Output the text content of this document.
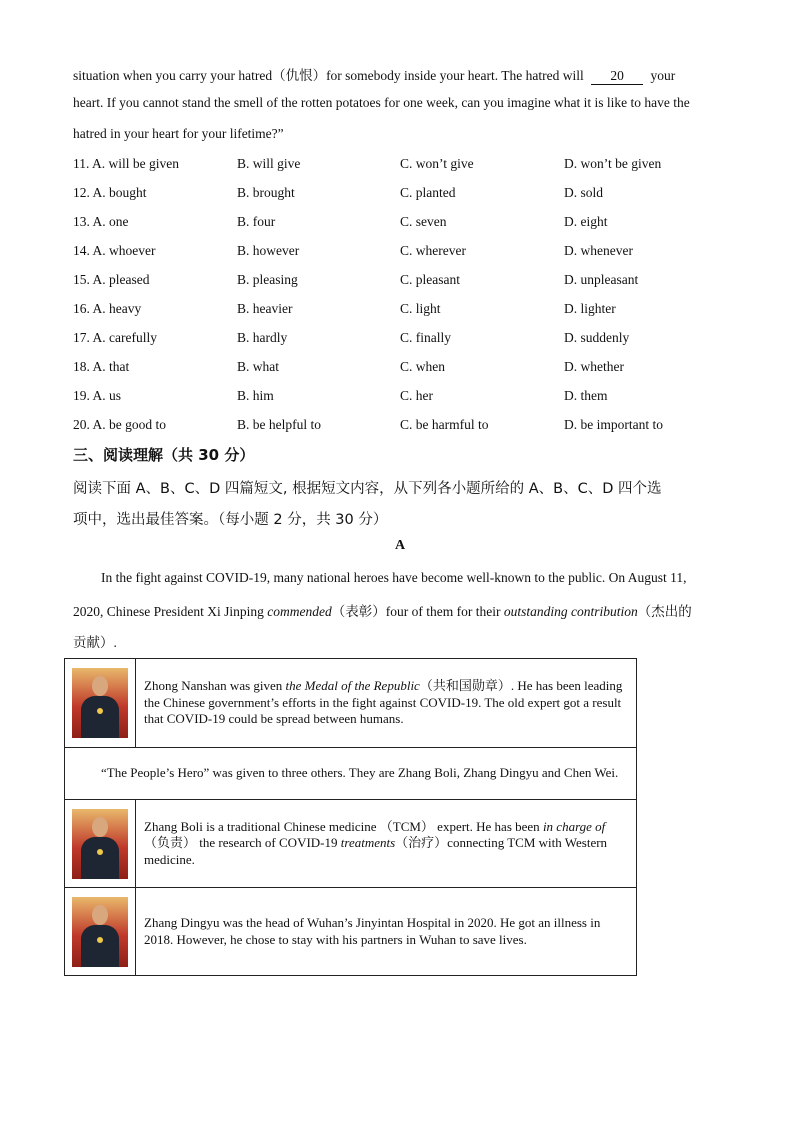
situation when you carry your hatred（仇恨）for somebody inside your heart. The hatred will 20 your
heart. If you cannot stand the smell of the rotten potatoes for one week, can you imagine what it is like to have the
hatred in your heart for your lifetime?”
11. A. will be given	B. will give	C. won’t give	D. won’t be given
12. A. bought	B. brought	C. planted	D. sold
13. A. one	B. four	C. seven	D. eight
14. A. whoever	B. however	C. wherever	D. whenever
15. A. pleased	B. pleasing	C. pleasant	D. unpleasant
16. A. heavy	B. heavier	C. light	D. lighter
17. A. carefully	B. hardly	C. finally	D. suddenly
18. A. that	B. what	C. when	D. whether
19. A. us	B. him	C. her	D. them
20. A. be good to	B. be helpful to	C. be harmful to	D. be important to
三、阅读理解（共 30 分）
阅读下面 A、B、C、D 四篇短文, 根据短文内容，从下列各小题所给的 A、B、C、D 四个选
项中，选出最佳答案。（每小题 2 分，共 30 分）
A
In the fight against COVID-19, many national heroes have become well-known to the public. On August 11,
2020, Chinese President Xi Jinping commended（表彰）four of them for their outstanding contribution（杰出的
贡献）.
	Zhong Nanshan was given the Medal of the Republic（共和国勋章）. He has been leading the Chinese government’s efforts in the fight against COVID-19. The old expert got a result that COVID-19 could be spread between humans.
“The People’s Hero” was given to three others. They are Zhang Boli, Zhang Dingyu and Chen Wei.	

	Zhang Boli is a traditional Chinese medicine （TCM） expert. He has been in charge of（负责） the research of COVID-19 treatments（治疗）connecting TCM with Western medicine.

	Zhang Dingyu was the head of Wuhan’s Jinyintan Hospital in 2020. He got an illness in 2018. However, he chose to stay with his partners in Wuhan to save lives.
